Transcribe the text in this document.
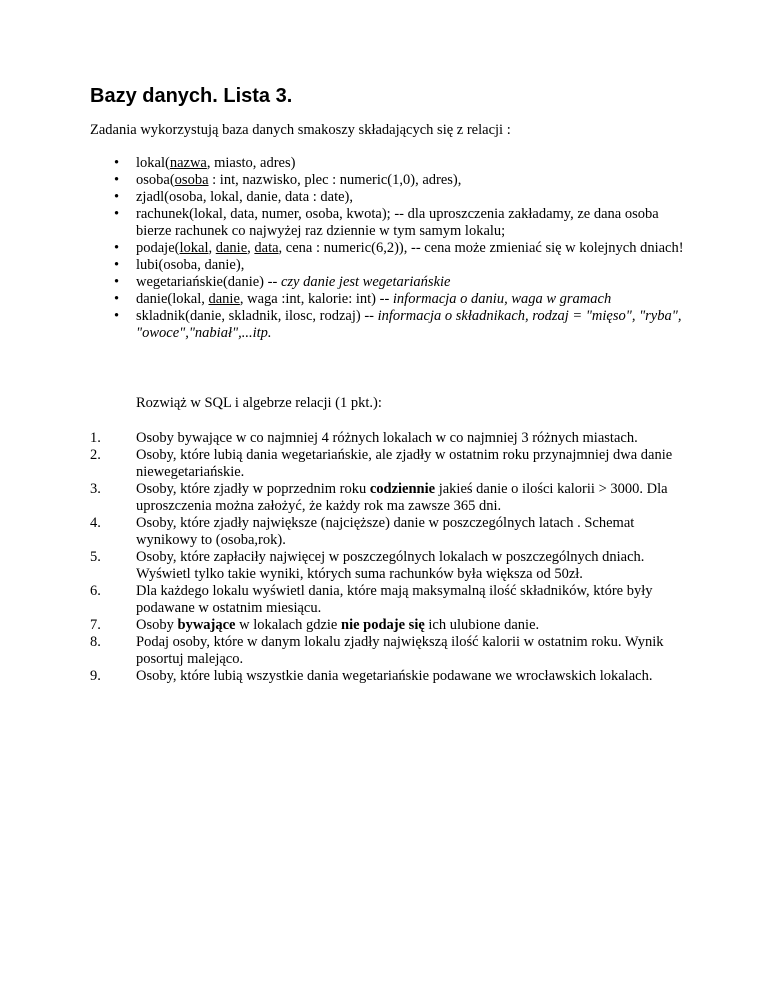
Bazy danych. Lista 3.
Zadania wykorzystują baza danych smakoszy składających się z relacji :
• lokal(nazwa, miasto, adres)
• osoba(osoba : int, nazwisko, plec : numeric(1,0), adres),
• zjadl(osoba, lokal, danie, data : date),
• rachunek(lokal, data, numer, osoba, kwota); -- dla uproszczenia zakładamy, ze dana osoba bierze rachunek co najwyżej raz dziennie w tym samym lokalu;
• podaje(lokal, danie, data, cena : numeric(6,2)), -- cena może zmieniać się w kolejnych dniach!
• lubi(osoba, danie),
• wegetariańskie(danie) -- czy danie jest wegetariańskie
• danie(lokal, danie, waga :int, kalorie: int) -- informacja o daniu, waga w gramach
• skladnik(danie, skladnik, ilosc, rodzaj) -- informacja o składnikach, rodzaj = "mięso", "ryba", "owoce","nabiał",...itp.
Rozwiąż w SQL i algebrze relacji (1 pkt.):
1.	Osoby bywające w co najmniej 4 różnych lokalach w co najmniej 3 różnych miastach.
2.	Osoby, które lubią dania wegetariańskie, ale zjadły w ostatnim roku przynajmniej dwa danie niewegetariańskie.
3.	Osoby, które zjadły w poprzednim roku codziennie jakieś danie o ilości kalorii > 3000. Dla uproszczenia można założyć, że każdy rok ma zawsze 365 dni.
4.	Osoby, które zjadły największe (najcięższe) danie w poszczególnych latach . Schemat wynikowy to (osoba,rok).
5.	Osoby, które zapłaciły najwięcej w poszczególnych lokalach w poszczególnych dniach. Wyświetl tylko takie wyniki, których suma rachunków była większa od 50zł.
6.	Dla każdego lokalu wyświetl dania, które mają maksymalną ilość składników, które były podawane w ostatnim miesiącu.
7.	Osoby bywające w lokalach gdzie nie podaje się ich ulubione danie.
8.	Podaj osoby, które w danym lokalu zjadły największą ilość kalorii w ostatnim roku. Wynik posortuj malejąco.
9.	Osoby, które lubią wszystkie dania wegetariańskie podawane we wrocławskich lokalach.
